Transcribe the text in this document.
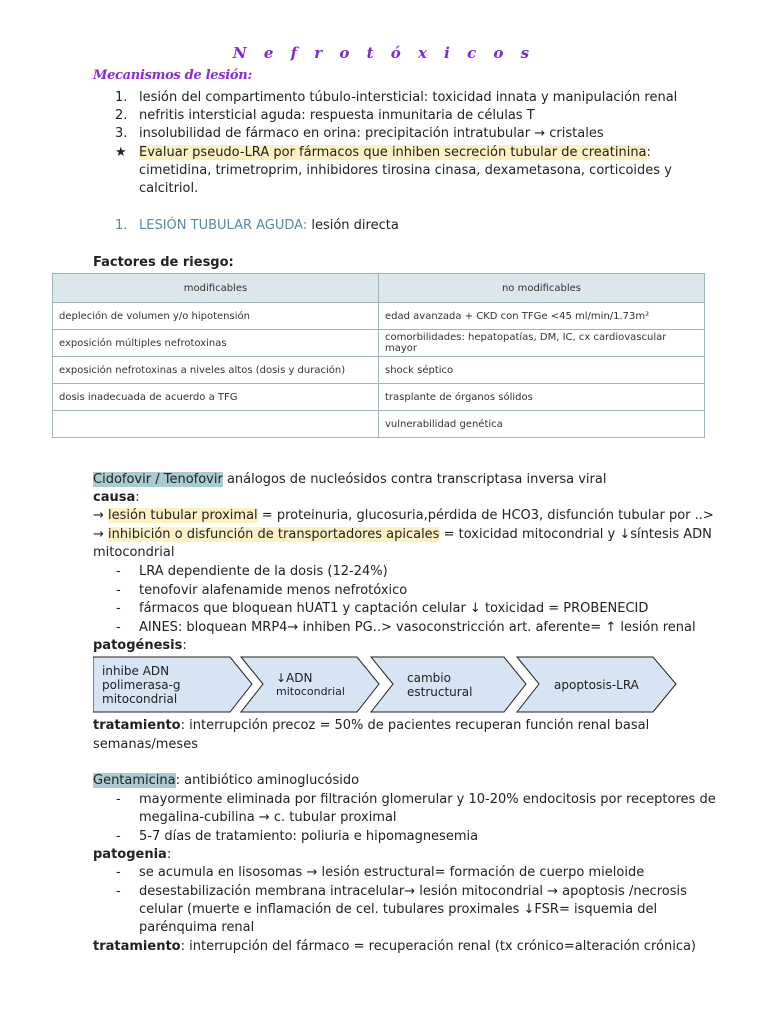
N e f r o t ó x i c o s
Mecanismos de lesión:
1. lesión del compartimento túbulo-intersticial: toxicidad innata y manipulación renal
2. nefritis intersticial aguda: respuesta inmunitaria de células T
3. insolubilidad de fármaco en orina: precipitación intratubular → cristales
★ Evaluar pseudo-LRA por fármacos que inhiben secreción tubular de creatinina:
cimetidina, trimetroprim, inhibidores tirosina cinasa, dexametasona, corticoides y
calcitriol.
1. LESIÓN TUBULAR AGUDA: lesión directa
Factores de riesgo:
modificables	no modificables
depleción de volumen y/o hipotensión	edad avanzada + CKD con TFGe <45 ml/min/1.73m²
exposición múltiples nefrotoxinas	comorbilidades: hepatopatías, DM, IC, cx cardiovascular mayor
exposición nefrotoxinas a niveles altos (dosis y duración)	shock séptico
dosis inadecuada de acuerdo a TFG	trasplante de órganos sólidos
	vulnerabilidad genética
Cidofovir / Tenofovir análogos de nucleósidos contra transcriptasa inversa viral
causa:
→ lesión tubular proximal = proteinuria, glucosuria,pérdida de HCO3, disfunción tubular por ..>
→ inhibición o disfunción de transportadores apicales = toxicidad mitocondrial y ↓síntesis ADN
mitocondrial
- LRA dependiente de la dosis (12-24%)
- tenofovir alafenamide menos nefrotóxico
- fármacos que bloquean hUAT1 y captación celular ↓ toxicidad = PROBENECID
- AINES: bloquean MRP4→ inhiben PG..> vasoconstricción art. aferente= ↑ lesión renal
patogénesis:
inhibe ADN
polimerasa-g
mitocondrial
↓ADN
mitocondrial
cambio
estructural	apoptosis-LRA
tratamiento: interrupción precoz = 50% de pacientes recuperan función renal basal
semanas/meses
Gentamicina: antibiótico aminoglucósido
- mayormente eliminada por filtración glomerular y 10-20% endocitosis por receptores de
megalina-cubilina → c. tubular proximal
- 5-7 días de tratamiento: poliuria e hipomagnesemia
patogenia:
- se acumula en lisosomas → lesión estructural= formación de cuerpo mieloide
- desestabilización membrana intracelular→ lesión mitocondrial → apoptosis /necrosis
celular (muerte e inflamación de cel. tubulares proximales ↓FSR= isquemia del
parénquima renal
tratamiento: interrupción del fármaco = recuperación renal (tx crónico=alteración crónica)
